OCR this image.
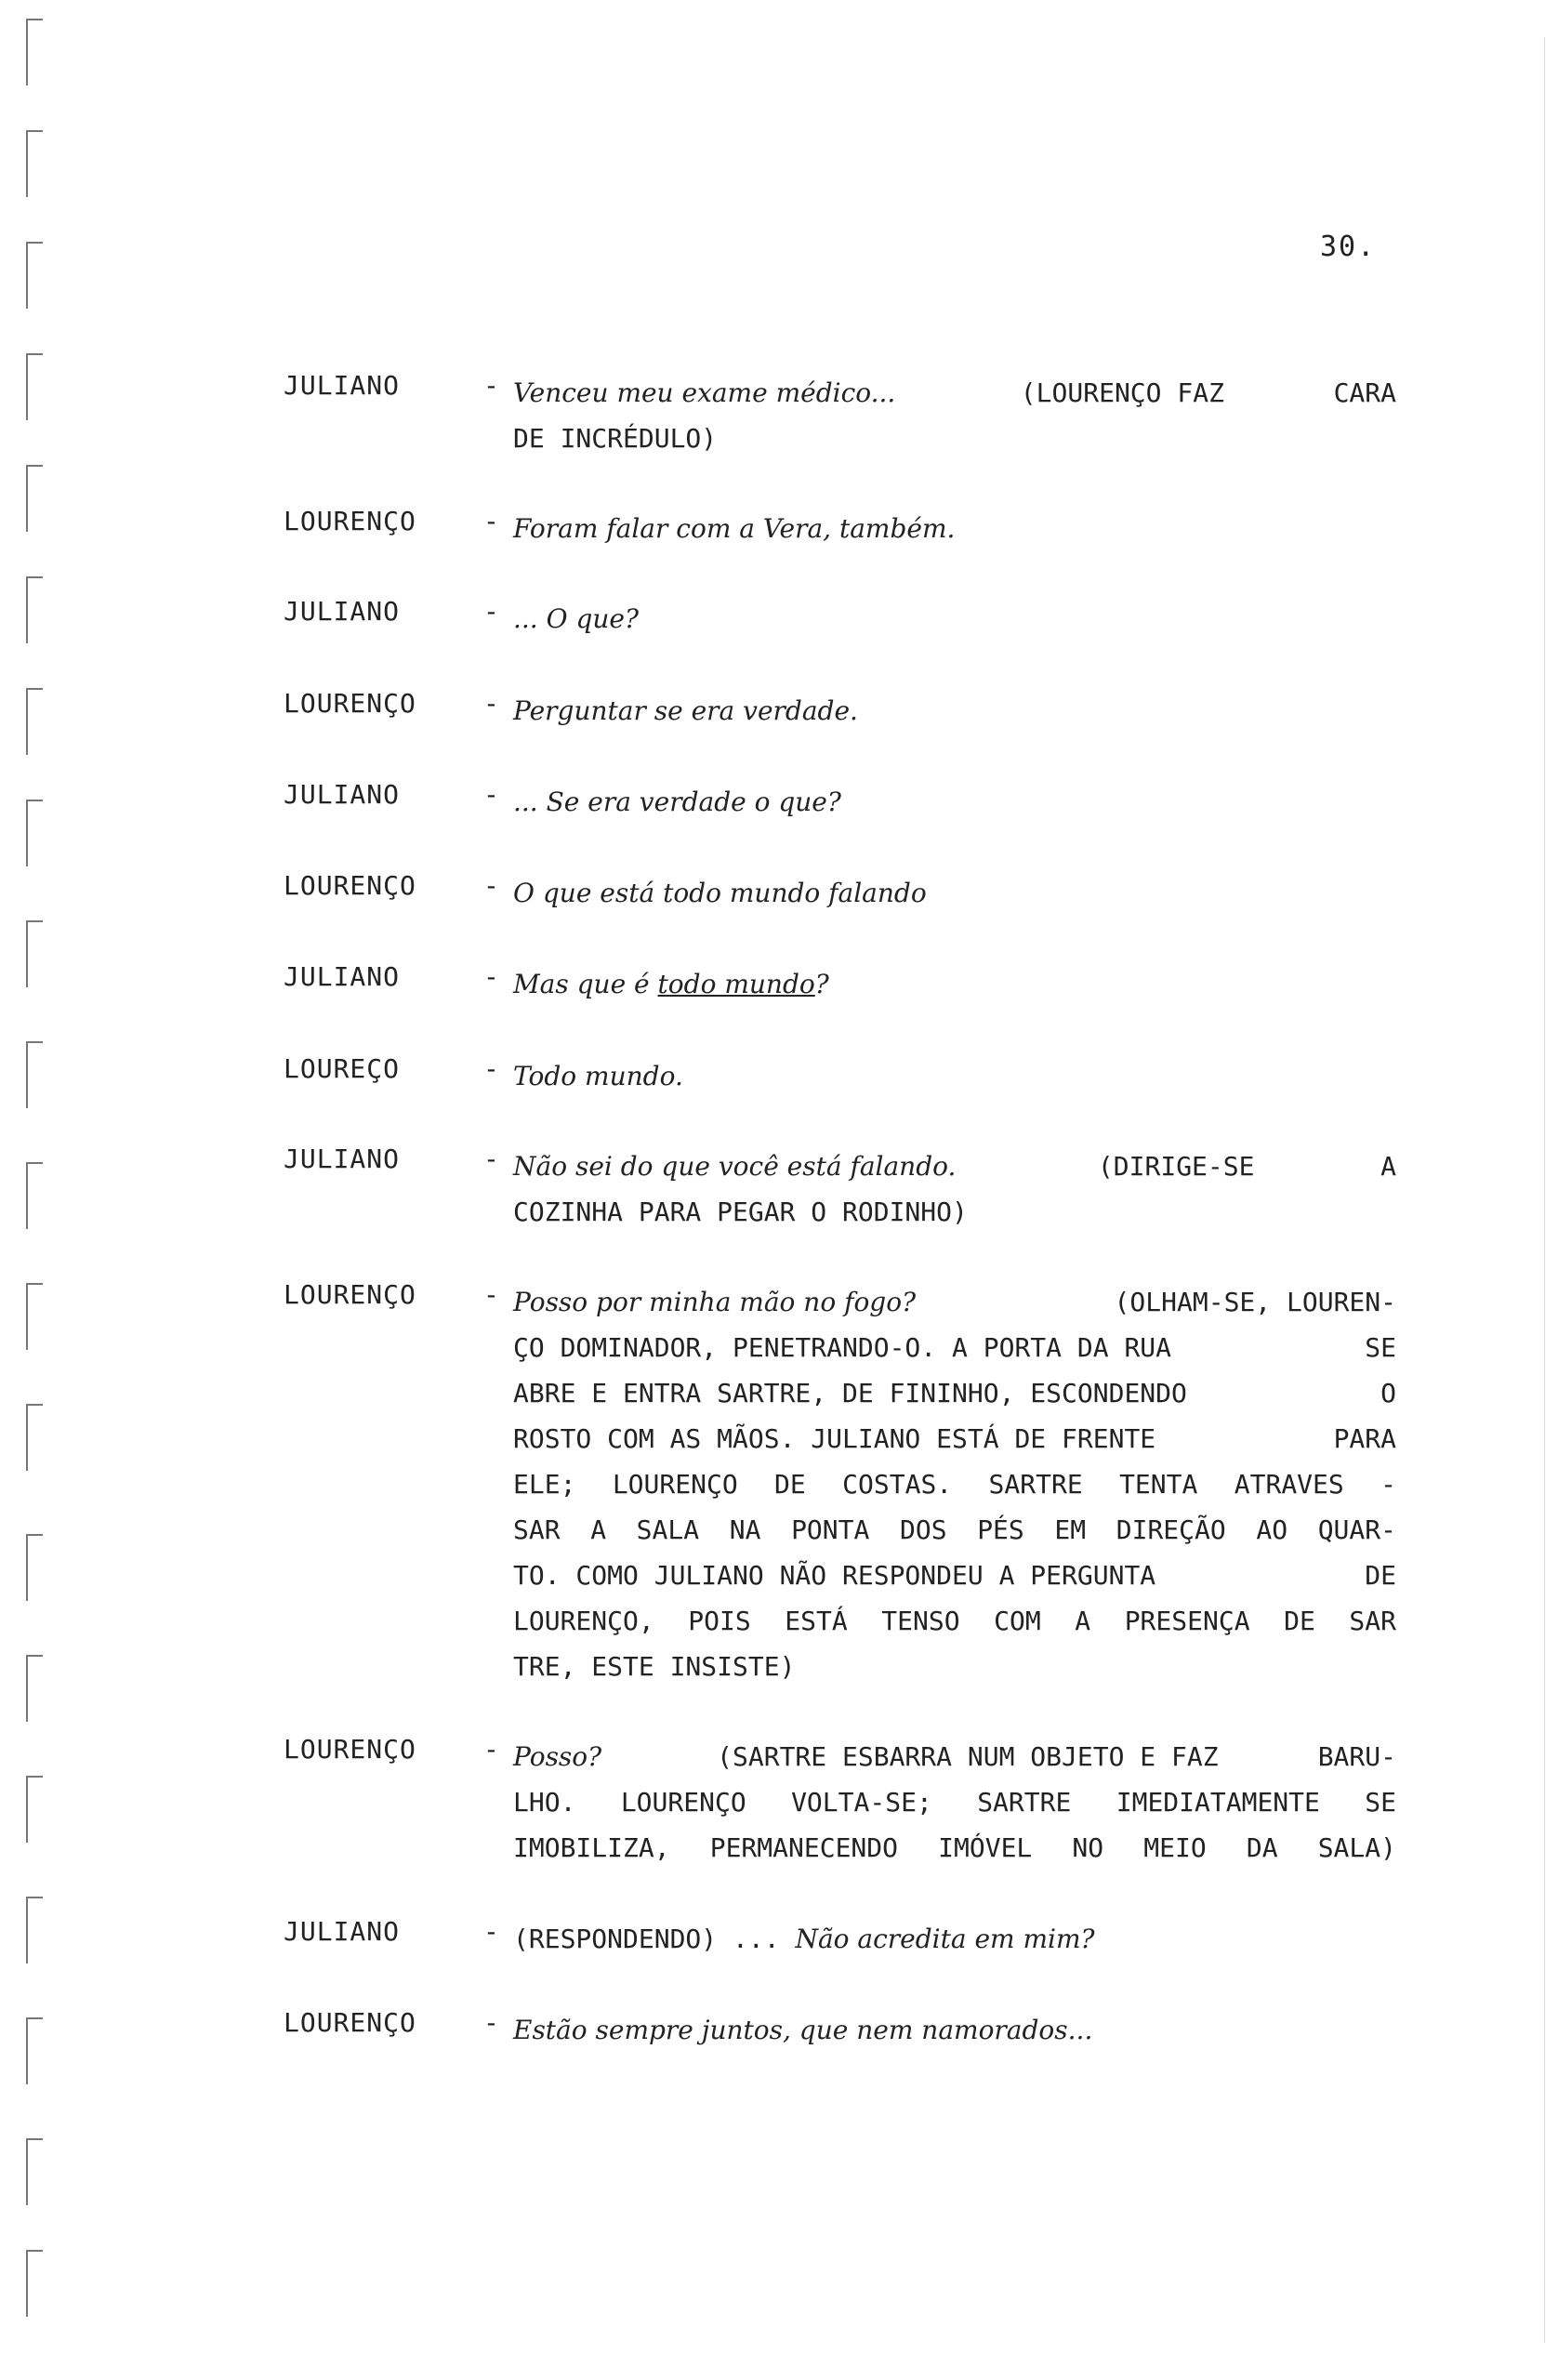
30.
JULIANO	- Venceu meu exame médico...	(LOURENÇO FAZ	CARA
DE INCRÉDULO)
LOURENÇO	- Foram falar com a Vera, também.
JULIANO	- ... O que?
LOURENÇO	- Perguntar se era verdade.
JULIANO	- ... Se era verdade o que?
LOURENÇO	- O que está todo mundo falando
JULIANO	- Mas que é todo mundo?
LOUREÇO	- Todo mundo.
JULIANO	- Não sei do que você está falando.	(DIRIGE-SE	A
COZINHA PARA PEGAR O RODINHO)
LOURENÇO	- Posso por minha mão no fogo?	(OLHAM-SE, LOUREN-
ÇO DOMINADOR, PENETRANDO-O. A PORTA DA RUA	SE
ABRE E ENTRA SARTRE, DE FININHO, ESCONDENDO	O
ROSTO COM AS MÃOS. JULIANO ESTÁ DE FRENTE	PARA
ELE; LOURENÇO DE COSTAS. SARTRE TENTA ATRAVES -
SAR A SALA NA PONTA DOS PÉS EM DIREÇÃO AO QUAR-
TO. COMO JULIANO NÃO RESPONDEU A PERGUNTA	DE
LOURENÇO, POIS ESTÁ TENSO COM A PRESENÇA DE SAR
TRE, ESTE INSISTE)
LOURENÇO	- Posso?	(SARTRE ESBARRA NUM OBJETO E FAZ	BARU-
LHO. LOURENÇO VOLTA-SE; SARTRE IMEDIATAMENTE SE
IMOBILIZA, PERMANECENDO IMÓVEL NO MEIO DA SALA)
JULIANO	- (RESPONDENDO) ... Não acredita em mim?
LOURENÇO	- Estão sempre juntos, que nem namorados...
